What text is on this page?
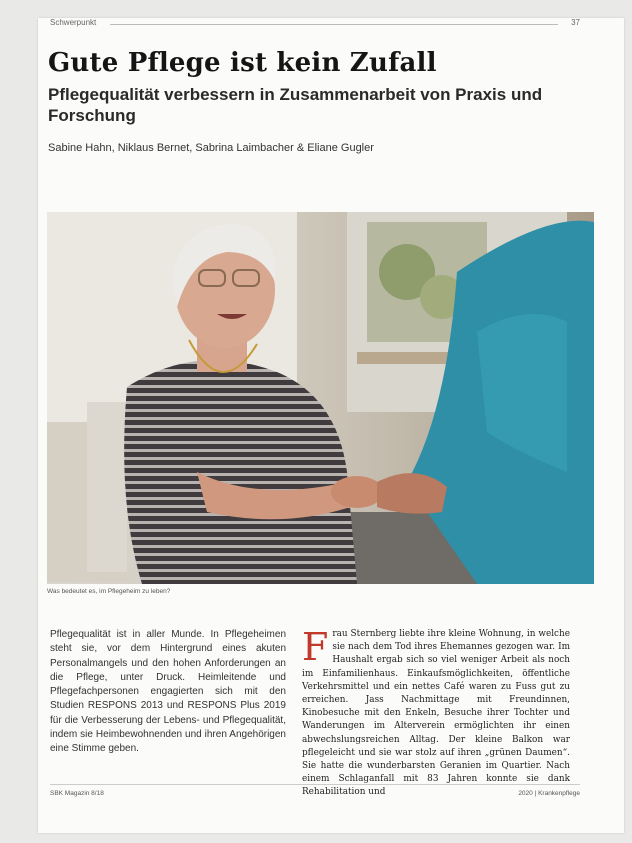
Schwerpunkt	37
Gute Pflege ist kein Zufall
Pflegequalität verbessern in Zusammenarbeit von Praxis und Forschung
Sabine Hahn, Niklaus Bernet, Sabrina Laimbacher & Eliane Gugler
Was bedeutet es, im Pflegeheim zu leben?
Pflegequalität ist in aller Munde. In Pflegeheimen steht sie, vor dem Hintergrund eines akuten Personalmangels und den hohen Anforderungen an die Pflege, unter Druck. Heimleitende und Pflegefachpersonen engagierten sich mit den Studien RESPONS 2013 und RESPONS Plus 2019 für die Verbesserung der Lebens- und Pflegequalität, indem sie Heimbewohnenden und ihren Angehörigen eine Stimme geben.
F rau Sternberg liebte ihre kleine Wohnung, in welche sie nach dem Tod ihres Ehemannes gezogen war. Im Haushalt ergab sich so viel weniger Arbeit als noch im Einfamilienhaus. Einkaufsmöglichkeiten, öffentliche Verkehrsmittel und ein nettes Café waren zu Fuss gut zu erreichen. Jass Nachmittage mit Freundinnen, Kinobesuche mit den Enkeln, Besuche ihrer Tochter und Wanderungen im Alterverein ermöglichten ihr einen abwechslungsreichen Alltag. Der kleine Balkon war pflegeleicht und sie war stolz auf ihren „grünen Daumen“. Sie hatte die wunderbarsten Geranien im Quartier. Nach einem Schlaganfall mit 83 Jahren konnte sie dank Rehabilitation und
SBK Magazin 8/18	2020 | Krankenpflege
